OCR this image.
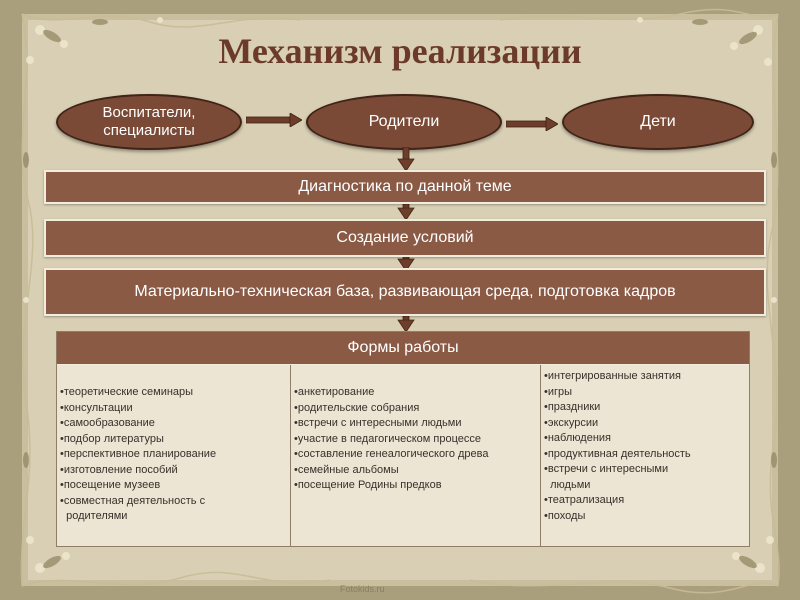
Механизм реализации
Воспитатели,
специалисты
Родители	Дети
Диагностика по данной теме
Создание условий
Материально-техническая база, развивающая среда, подготовка кадров
Формы работы
•теоретические семинары
•консультации
•самообразование
•подбор литературы
•перспективное планирование
•изготовление пособий
•посещение музеев
•совместная деятельность с
родителями
•анкетирование
•родительские собрания
•встречи с интересными людьми
•участие в педагогическом процессе
•составление генеалогического древа
•семейные альбомы
•посещение Родины предков
•интегрированные занятия
•игры
•праздники
•экскурсии
•наблюдения
•продуктивная деятельность
•встречи с интересными
людьми
•театрализация
•походы
Fotokids.ru
